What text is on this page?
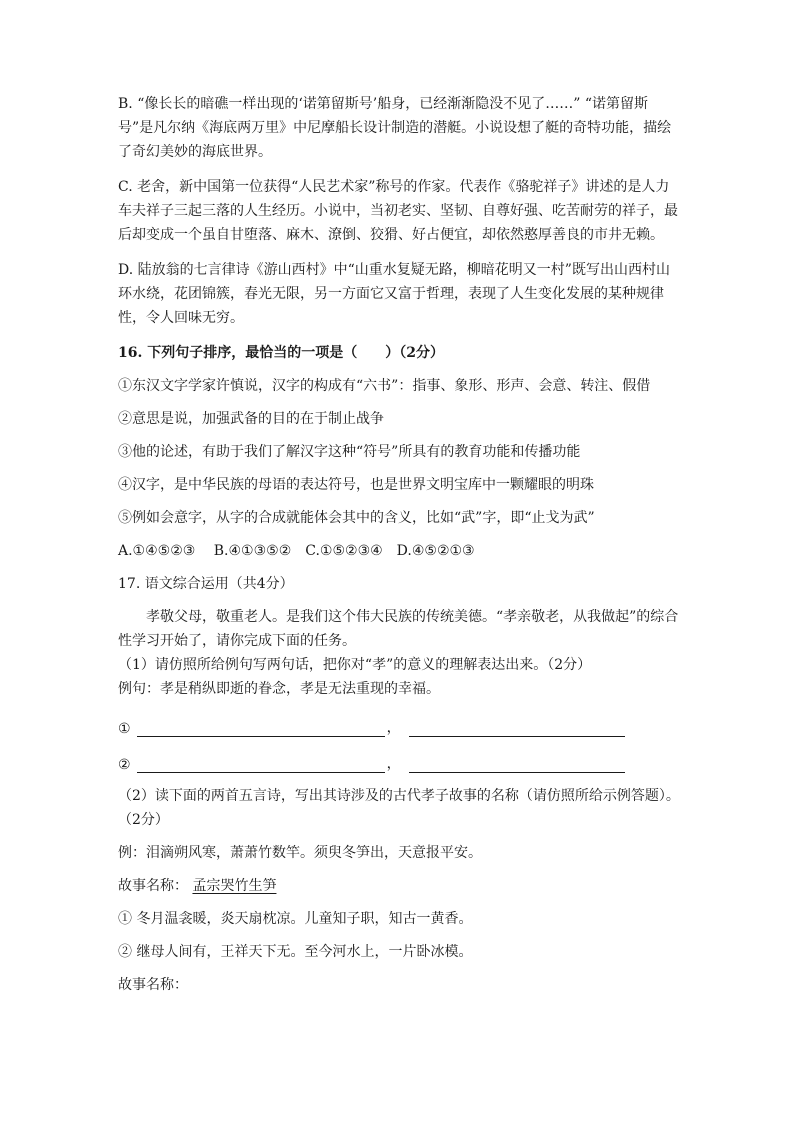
B. “像长长的暗礁一样出现的‘诺第留斯号’船身，已经渐渐隐没不见了……” “诺第留斯号”是凡尔纳《海底两万里》中尼摩船长设计制造的潜艇。小说设想了艇的奇特功能，描绘了奇幻美妙的海底世界。

C. 老舍，新中国第一位获得“人民艺术家”称号的作家。代表作《骆驼祥子》讲述的是人力车夫祥子三起三落的人生经历。小说中，当初老实、坚韧、自尊好强、吃苦耐劳的祥子，最后却变成一个虽自甘堕落、麻木、潦倒、狡猾、好占便宜，却依然憨厚善良的市井无赖。

D. 陆放翁的七言律诗《游山西村》中“山重水复疑无路，柳暗花明又一村”既写出山西村山环水绕，花团锦簇，春光无限，另一方面它又富于哲理，表现了人生变化发展的某种规律性，令人回味无穷。

16. 下列句子排序，最恰当的一项是（　　）（2分）

①东汉文字学家许慎说，汉字的构成有“六书”：指事、象形、形声、会意、转注、假借

②意思是说，加强武备的目的在于制止战争

③他的论述，有助于我们了解汉字这种“符号”所具有的教育功能和传播功能

④汉字，是中华民族的母语的表达符号，也是世界文明宝库中一颗耀眼的明珠

⑤例如会意字，从字的合成就能体会其中的含义，比如“武”字，即“止戈为武”

A.①④⑤②③　 B.④①③⑤②　C.①⑤②③④　D.④⑤②①③

17. 语文综合运用（共4分）

孝敬父母，敬重老人。是我们这个伟大民族的传统美德。“孝亲敬老，从我做起”的综合性学习开始了，请你完成下面的任务。

（1）请仿照所给例句写两句话，把你对“孝”的意义的理解表达出来。（2分）

例句：孝是稍纵即逝的眷念，孝是无法重现的幸福。

①	，
②	，

（2）读下面的两首五言诗，写出其诗涉及的古代孝子故事的名称（请仿照所给示例答题）。（2分）

例：泪滴朔风寒，萧萧竹数竿。须臾冬笋出，天意报平安。

故事名称： 孟宗哭竹生笋

① 冬月温衾暖，炎天扇枕凉。儿童知子职，知古一黄香。

② 继母人间有，王祥天下无。至今河水上，一片卧冰模。

故事名称：
